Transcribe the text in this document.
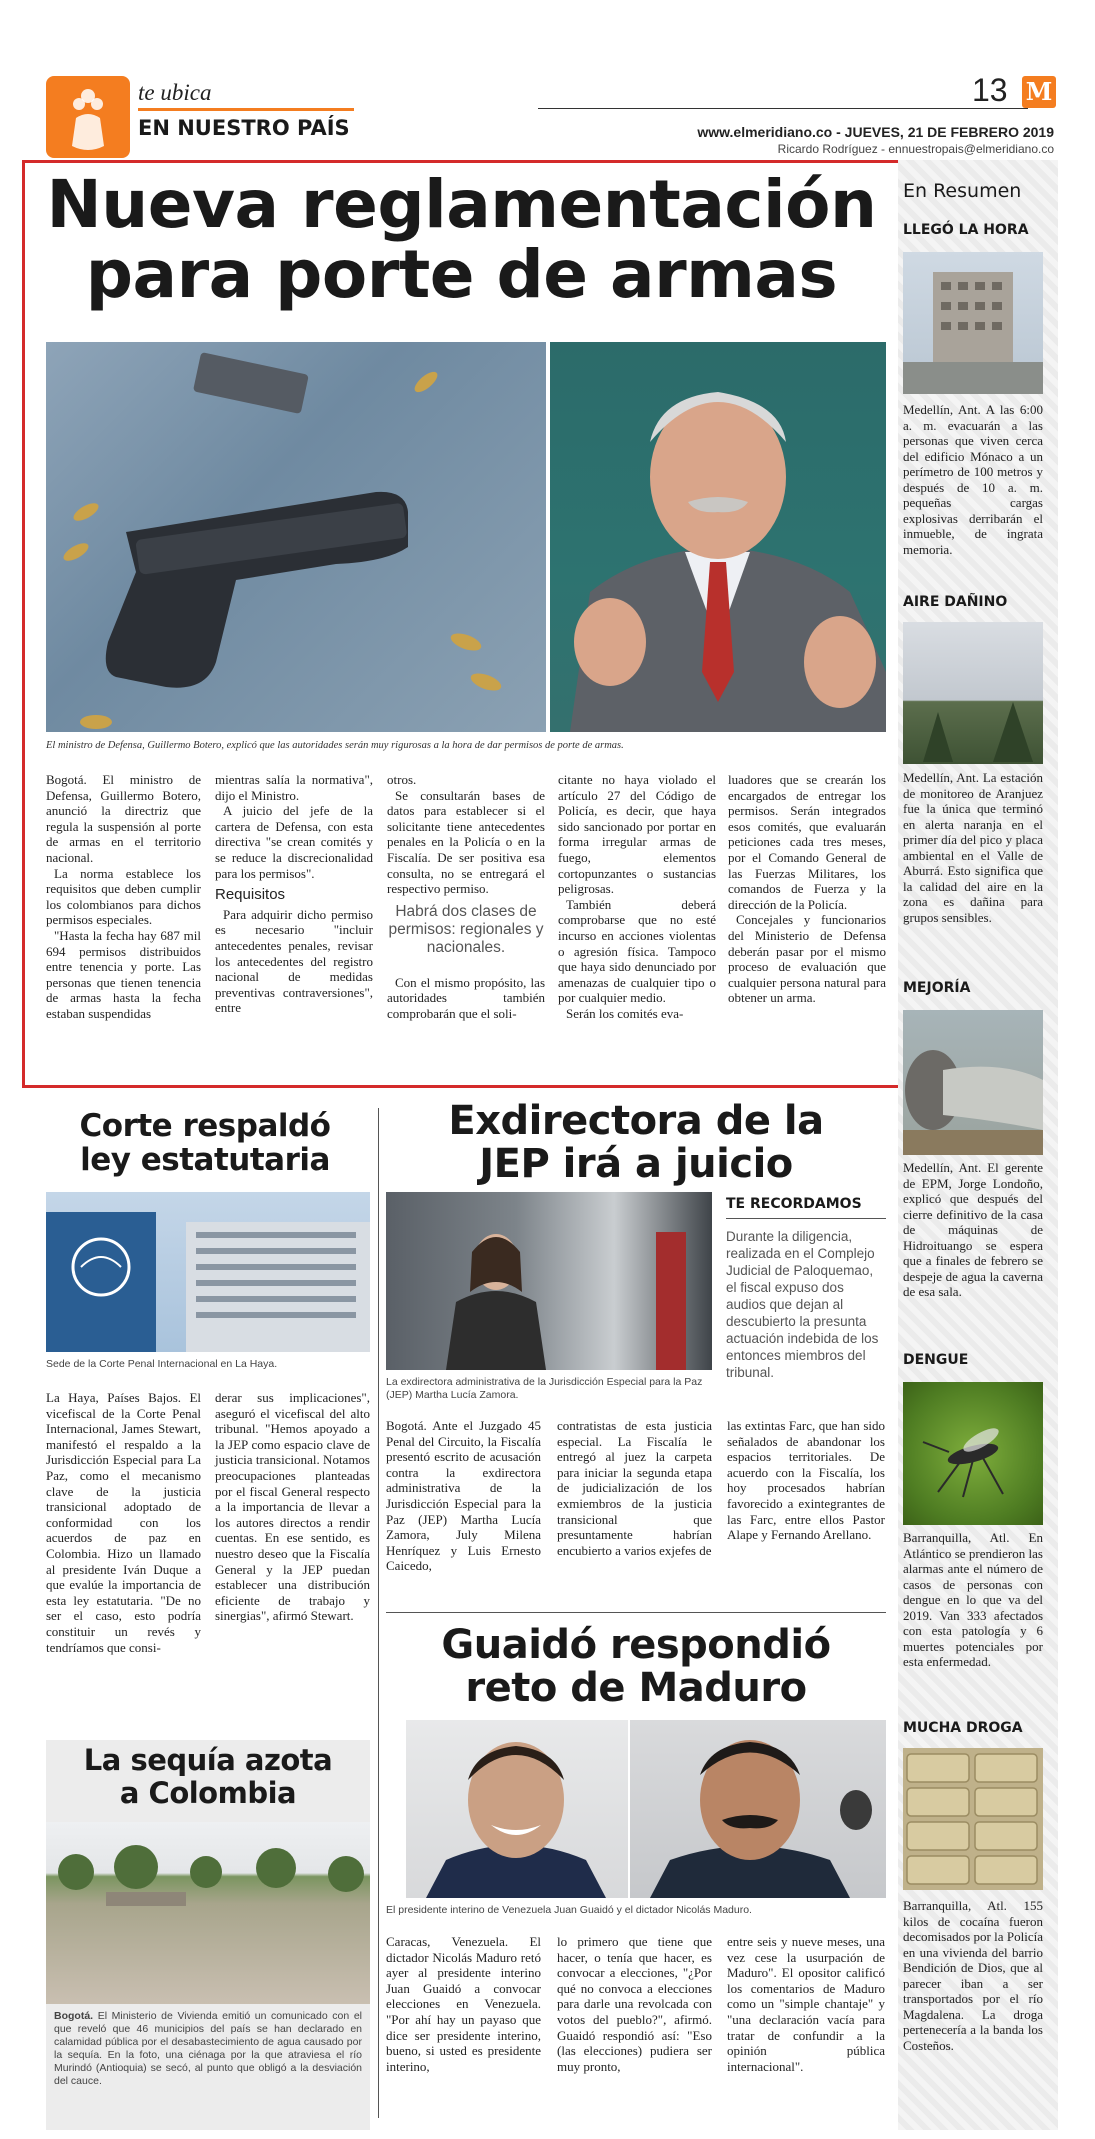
te ubica
EN NUESTRO PAÍS
13 M
www.elmeridiano.co - JUEVES, 21 DE FEBRERO 2019
Ricardo Rodríguez - ennuestropais@elmeridiano.co
Nueva reglamentación
para porte de armas
El ministro de Defensa, Guillermo Botero, explicó que las autoridades serán muy rigurosas a la hora de dar permisos de porte de armas.

Bogotá. El ministro de Defensa, Guillermo Botero, anunció la directriz que regula la suspensión al porte de armas en el territorio nacional.

La norma establece los requisitos que deben cumplir los colombianos para dichos permisos especiales.

"Hasta la fecha hay 687 mil 694 permisos distribuidos entre tenencia y porte. Las personas que tienen tenencia de armas hasta la fecha estaban suspendidas

mientras salía la normativa", dijo el Ministro.

A juicio del jefe de la cartera de Defensa, con esta directiva "se crean comités y se reduce la discrecionalidad para los permisos".

Requisitos

Para adquirir dicho permiso es necesario "incluir antecedentes penales, revisar los antecedentes del registro nacional de medidas preventivas contraversiones", entre

otros.

Se consultarán bases de datos para establecer si el solicitante tiene antecedentes penales en la Policía o en la Fiscalía. De ser positiva esa consulta, no se entregará el respectivo permiso.

Habrá dos clases de permisos: regionales y nacionales.

Con el mismo propósito, las autoridades también comprobarán que el soli-

citante no haya violado el artículo 27 del Código de Policía, es decir, que haya sido sancionado por portar en forma irregular armas de fuego, elementos cortopunzantes o sustancias peligrosas.

También deberá comprobarse que no esté incurso en acciones violentas o agresión física. Tampoco que haya sido denunciado por amenazas de cualquier tipo o por cualquier medio.

Serán los comités eva-

luadores que se crearán los encargados de entregar los permisos. Serán integrados esos comités, que evaluarán peticiones cada tres meses, por el Comando General de las Fuerzas Militares, los comandos de Fuerza y la dirección de la Policía.

Concejales y funcionarios del Ministerio de Defensa deberán pasar por el mismo proceso de evaluación que cualquier persona natural para obtener un arma.

En Resumen
LLEGÓ LA HORA
Medellín, Ant. A las 6:00 a. m. evacuarán a las personas que viven cerca del edificio Mónaco a un perímetro de 100 metros y después de 10 a. m. pequeñas cargas explosivas derribarán el inmueble, de ingrata memoria.
AIRE DAÑINO
Medellín, Ant. La estación de monitoreo de Aranjuez fue la única que terminó en alerta naranja en el primer día del pico y placa ambiental en el Valle de Aburrá. Esto significa que la calidad del aire en la zona es dañina para grupos sensibles.
MEJORÍA
Medellín, Ant. El gerente de EPM, Jorge Londoño, explicó que después del cierre definitivo de la casa de máquinas de Hidroituango se espera que a finales de febrero se despeje de agua la caverna de esa sala.
DENGUE
Barranquilla, Atl. En Atlántico se prendieron las alarmas ante el número de casos de personas con dengue en lo que va del 2019. Van 333 afectados con esta patología y 6 muertes potenciales por esta enfermedad.
MUCHA DROGA
Barranquilla, Atl. 155 kilos de cocaína fueron decomisados por la Policía en una vivienda del barrio Bendición de Dios, que al parecer iban a ser transportados por el río Magdalena. La droga pertenecería a la banda los Costeños.
Corte respaldó
ley estatutaria
Sede de la Corte Penal Internacional en La Haya.
La Haya, Países Bajos. El vicefiscal de la Corte Penal Internacional, James Stewart, manifestó el respaldo a la Jurisdicción Especial para La Paz, como el mecanismo clave de la justicia transicional adoptado de conformidad con los acuerdos de paz en Colombia. Hizo un llamado al presidente Iván Duque a que evalúe la importancia de esta ley estatutaria. "De no ser el caso, esto podría constituir un revés y tendríamos que consi-
derar sus implicaciones", aseguró el vicefiscal del alto tribunal. "Hemos apoyado a la JEP como espacio clave de justicia transicional. Notamos preocupaciones planteadas por el fiscal General respecto a la importancia de llevar a los autores directos a rendir cuentas. En ese sentido, es nuestro deseo que la Fiscalía General y la JEP puedan establecer una distribución eficiente de trabajo y sinergias", afirmó Stewart.
La sequía azota
a Colombia
Bogotá. El Ministerio de Vivienda emitió un comunicado con el que reveló que 46 municipios del país se han declarado en calamidad pública por el desabastecimiento de agua causado por la sequía. En la foto, una ciénaga por la que atraviesa el río Murindó (Antioquia) se secó, al punto que obligó a la desviación del cauce.
Exdirectora de la
JEP irá a juicio
La exdirectora administrativa de la Jurisdicción Especial para la Paz (JEP) Martha Lucía Zamora.
TE RECORDAMOS
Durante la diligencia, realizada en el Complejo Judicial de Paloquemao, el fiscal expuso dos audios que dejan al descubierto la presunta actuación indebida de los entonces miembros del tribunal.
Bogotá. Ante el Juzgado 45 Penal del Circuito, la Fiscalía presentó escrito de acusación contra la exdirectora administrativa de la Jurisdicción Especial para la Paz (JEP) Martha Lucía Zamora, July Milena Henríquez y Luis Ernesto Caicedo,
contratistas de esta justicia especial. La Fiscalía le entregó al juez la carpeta para iniciar la segunda etapa de judicialización de los exmiembros de la justicia transicional que presuntamente habrían encubierto a varios exjefes de
las extintas Farc, que han sido señalados de abandonar los espacios territoriales. De acuerdo con la Fiscalía, los hoy procesados habrían favorecido a exintegrantes de las Farc, entre ellos Pastor Alape y Fernando Arellano.
Guaidó respondió
reto de Maduro
El presidente interino de Venezuela Juan Guaidó y el dictador Nicolás Maduro.
Caracas, Venezuela. El dictador Nicolás Maduro retó ayer al presidente interino Juan Guaidó a convocar elecciones en Venezuela. "Por ahí hay un payaso que dice ser presidente interino, bueno, si usted es presidente interino,
lo primero que tiene que hacer, o tenía que hacer, es convocar a elecciones, "¿Por qué no convoca a elecciones para darle una revolcada con votos del pueblo?", afirmó. Guaidó respondió así: "Eso (las elecciones) pudiera ser muy pronto,
entre seis y nueve meses, una vez cese la usurpación de Maduro". El opositor calificó los comentarios de Maduro como un "simple chantaje" y "una declaración vacía para tratar de confundir a la opinión pública internacional".
